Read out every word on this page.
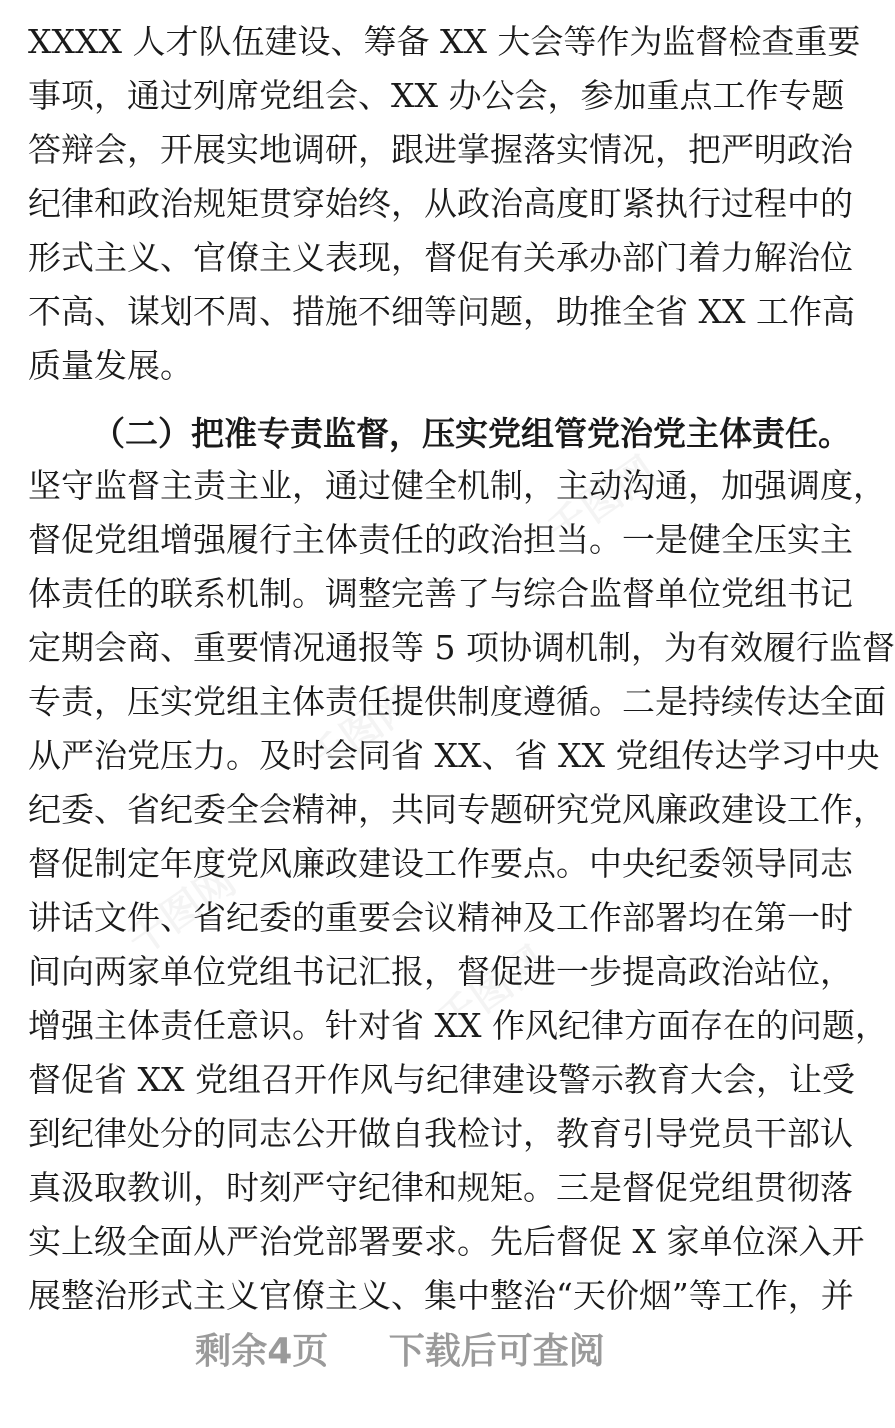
XXXX 人才队伍建设、筹备 XX 大会等作为监督检查重要
事项，通过列席党组会、XX 办公会，参加重点工作专题
答辩会，开展实地调研，跟进掌握落实情况，把严明政治
纪律和政治规矩贯穿始终，从政治高度盯紧执行过程中的
形式主义、官僚主义表现，督促有关承办部门着力解治位
不高、谋划不周、措施不细等问题，助推全省 XX 工作高
质量发展。
（二）把准专责监督，压实党组管党治党主体责任。
坚守监督主责主业，通过健全机制，主动沟通，加强调度，
督促党组增强履行主体责任的政治担当。一是健全压实主
体责任的联系机制。调整完善了与综合监督单位党组书记
定期会商、重要情况通报等 5 项协调机制，为有效履行监督
专责，压实党组主体责任提供制度遵循。二是持续传达全面
从严治党压力。及时会同省 XX、省 XX 党组传达学习中央
纪委、省纪委全会精神，共同专题研究党风廉政建设工作，
督促制定年度党风廉政建设工作要点。中央纪委领导同志
讲话文件、省纪委的重要会议精神及工作部署均在第一时
间向两家单位党组书记汇报，督促进一步提高政治站位，
增强主体责任意识。针对省 XX 作风纪律方面存在的问题，
督促省 XX 党组召开作风与纪律建设警示教育大会，让受
到纪律处分的同志公开做自我检讨，教育引导党员干部认
真汲取教训，时刻严守纪律和规矩。三是督促党组贯彻落
实上级全面从严治党部署要求。先后督促 X 家单位深入开
展整治形式主义官僚主义、集中整治“天价烟”等工作，并
剩余4页 下载后可查阅
